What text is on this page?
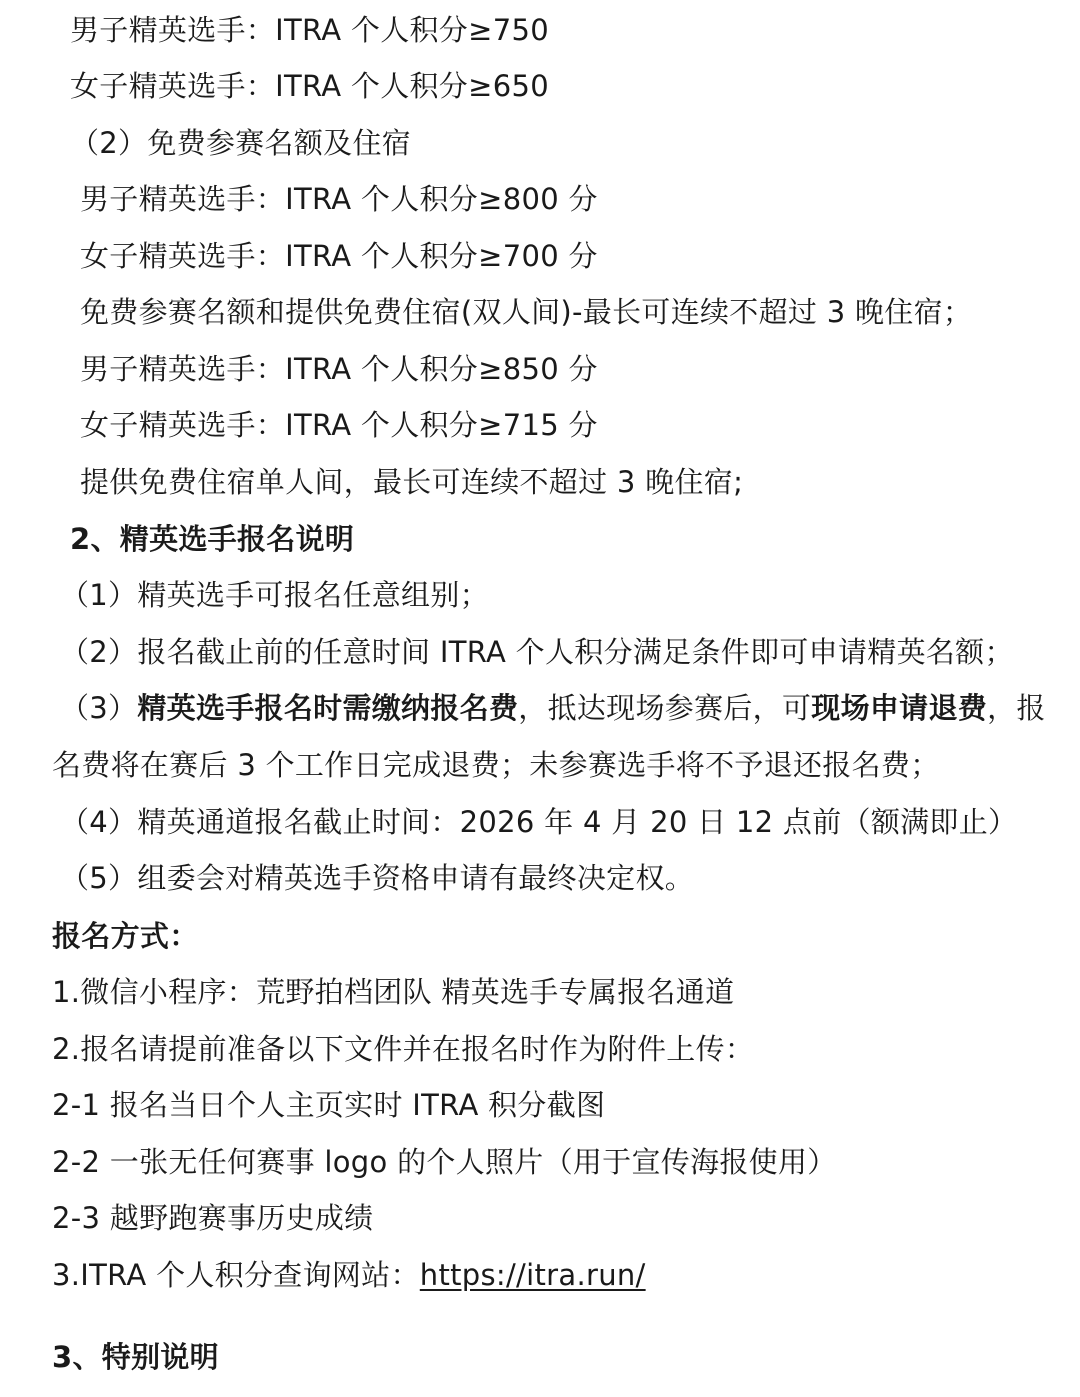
男子精英选手：ITRA 个人积分≥750
女子精英选手：ITRA 个人积分≥650
（2）免费参赛名额及住宿
男子精英选手：ITRA 个人积分≥800 分
女子精英选手：ITRA 个人积分≥700 分
免费参赛名额和提供免费住宿(双人间)-最长可连续不超过 3 晚住宿；
男子精英选手：ITRA 个人积分≥850 分
女子精英选手：ITRA 个人积分≥715 分
提供免费住宿单人间，最长可连续不超过 3 晚住宿;
2、精英选手报名说明
（1）精英选手可报名任意组别；
（2）报名截止前的任意时间 ITRA 个人积分满足条件即可申请精英名额；
（3）精英选手报名时需缴纳报名费，抵达现场参赛后，可现场申请退费，报
名费将在赛后 3 个工作日完成退费；未参赛选手将不予退还报名费；
（4）精英通道报名截止时间：2026 年 4 月 20 日 12 点前（额满即止）
（5）组委会对精英选手资格申请有最终决定权。
报名方式：
1.微信小程序：荒野拍档团队 精英选手专属报名通道
2.报名请提前准备以下文件并在报名时作为附件上传：
2-1 报名当日个人主页实时 ITRA 积分截图
2-2 一张无任何赛事 logo 的个人照片（用于宣传海报使用）
2-3 越野跑赛事历史成绩
3.ITRA 个人积分查询网站：https://itra.run/
3、特别说明
